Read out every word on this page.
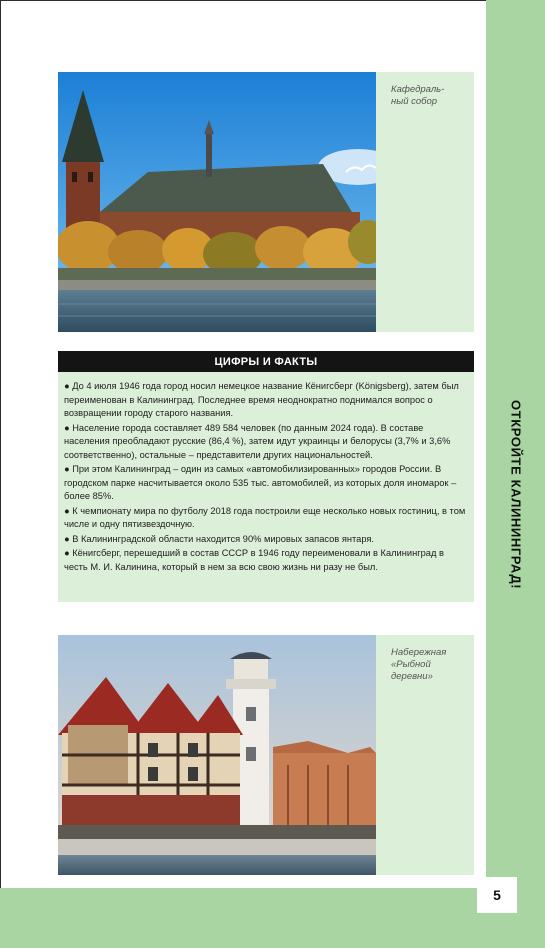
ОТКРОЙТЕ КАЛИНИНГРАД!
5
Кафедраль-
ный собор
ЦИФРЫ И ФАКТЫ
● До 4 июля 1946 года город носил немецкое название Кёнигсберг (Königsberg), затем был переименован в Калининград. Последнее время неоднократно поднимался вопрос о возвращении городу старого названия.
● Население города составляет 489 584 человек (по данным 2024 года). В составе населения преобладают русские (86,4 %), затем идут украинцы и белорусы (3,7% и 3,6% соответственно), остальные – представители других национальностей.
● При этом Калининград – один из самых «автомобилизированных» городов России. В городском парке насчитывается около 535 тыс. автомобилей, из которых доля иномарок – более 85%.
● К чемпионату мира по футболу 2018 года построили еще несколько новых гостиниц, в том числе и одну пятизвездочную.
● В Калининградской области находится 90% мировых запасов янтаря.
● Кёнигсберг, перешедший в состав СССР в 1946 году переименовали в Калининград в честь М. И. Калинина, который в нем за всю свою жизнь ни разу не был.
Набережная
«Рыбной
деревни»
